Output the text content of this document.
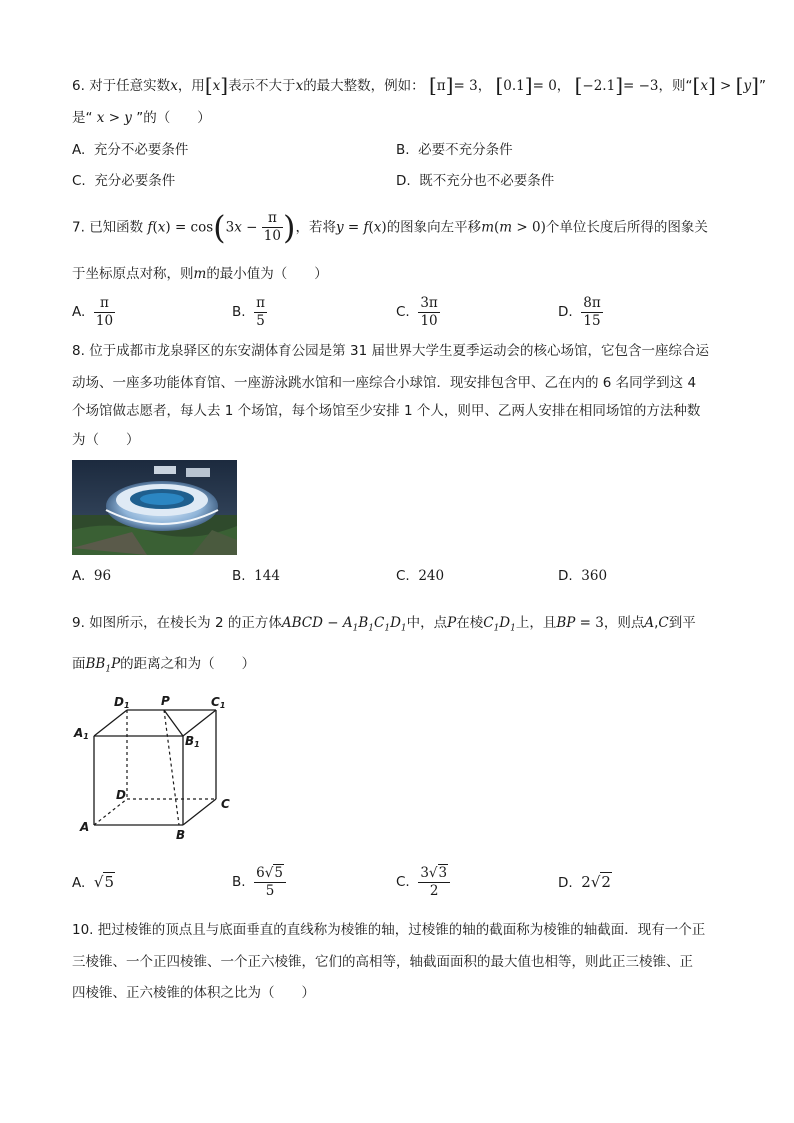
6. 对于任意实数x，用[x]表示不大于x的最大整数，例如： [π]= 3， [0.1]= 0， [−2.1]= −3，则“[x] > [y]”
是“ x > y ”的（　　）
A. 充分不必要条件	B. 必要不充分条件
C. 充分必要条件	D. 既不充分也不必要条件
7. 已知函数 $f(x) = \cos(3x - \frac{\pi}{10}$ )，若将y = f(x)的图象向左平移m(m > 0)个单位长度后所得的图象关
于坐标原点对称，则m的最小值为（　　）
A. $\frac{\pi}{10}$	B. $\frac{\pi}{5}$	C. $\frac{3\pi}{10}$	D. $\frac{8\pi}{15}$
8. 位于成都市龙泉驿区的东安湖体育公园是第 31 届世界大学生夏季运动会的核心场馆，它包含一座综合运
动场、一座多功能体育馆、一座游泳跳水馆和一座综合小球馆．现安排包含甲、乙在内的 6 名同学到这 4
个场馆做志愿者，每人去 1 个场馆，每个场馆至少安排 1 个人，则甲、乙两人安排在相同场馆的方法种数
为（　　）
A. 96	B. 144	C. 240	D. 360
9. 如图所示，在棱长为 2 的正方体ABCD − $A_1B_1C_1D_1$中，点P在棱$C_1D_1$上，且BP = 3，则点A,C到平
面$BB_1P$的距离之和为（　　）
D1	P	C1
A1	B1
D
C
A
B
A. √5	B. $\frac{6√5}{5}$	C. $\frac{3√3}{2}$	D. 2√2
10. 把过棱锥的顶点且与底面垂直的直线称为棱锥的轴，过棱锥的轴的截面称为棱锥的轴截面．现有一个正
三棱锥、一个正四棱锥、一个正六棱锥，它们的高相等，轴截面面积的最大值也相等，则此正三棱锥、正
四棱锥、正六棱锥的体积之比为（　　）
